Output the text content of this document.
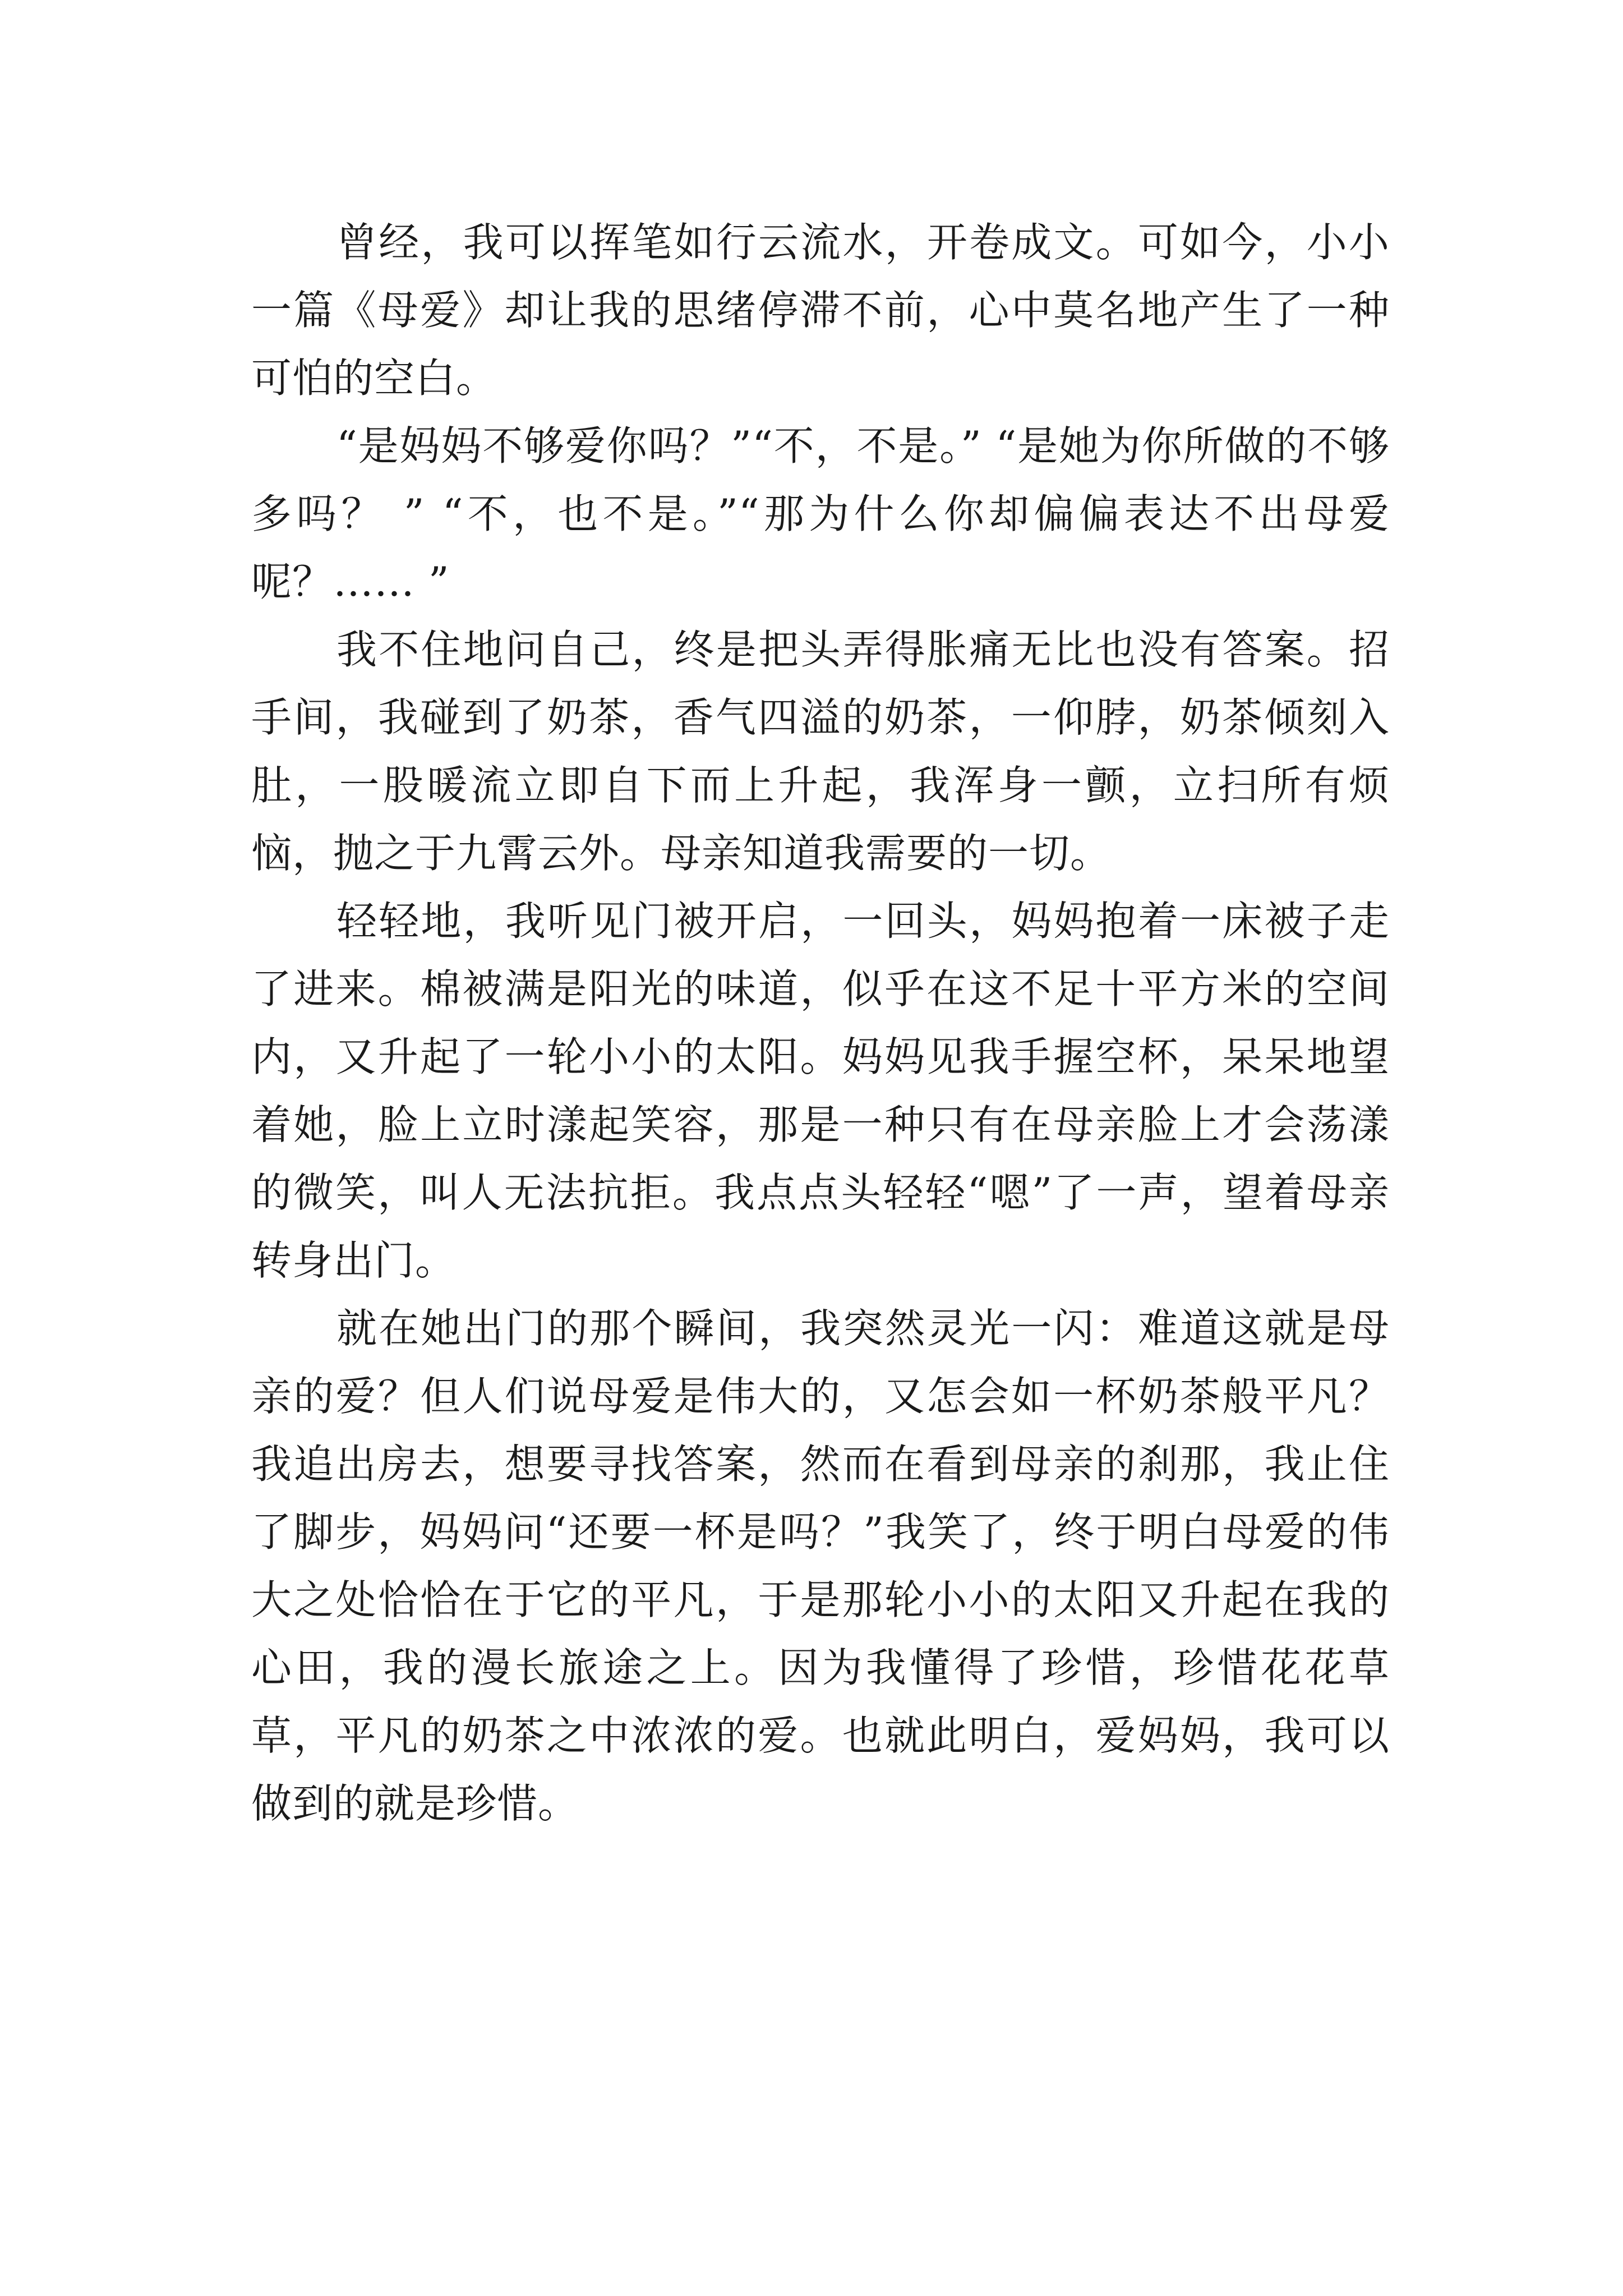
曾经，我可以挥笔如行云流水，开卷成文。可如今，小小一篇《母爱》却让我的思绪停滞不前，心中莫名地产生了一种可怕的空白。

“是妈妈不够爱你吗？”“不，不是。” “是她为你所做的不够多吗？ ” “不，也不是。”“那为什么你却偏偏表达不出母爱呢？…… ”

我不住地问自己，终是把头弄得胀痛无比也没有答案。招手间，我碰到了奶茶，香气四溢的奶茶，一仰脖，奶茶倾刻入肚，一股暖流立即自下而上升起，我浑身一颤，立扫所有烦恼，抛之于九霄云外。母亲知道我需要的一切。

轻轻地，我听见门被开启，一回头，妈妈抱着一床被子走了进来。棉被满是阳光的味道，似乎在这不足十平方米的空间内，又升起了一轮小小的太阳。妈妈见我手握空杯，呆呆地望着她，脸上立时漾起笑容，那是一种只有在母亲脸上才会荡漾的微笑，叫人无法抗拒。我点点头轻轻“嗯”了一声，望着母亲转身出门。

就在她出门的那个瞬间，我突然灵光一闪：难道这就是母亲的爱？但人们说母爱是伟大的，又怎会如一杯奶茶般平凡？我追出房去，想要寻找答案，然而在看到母亲的刹那，我止住了脚步，妈妈问“还要一杯是吗？”我笑了，终于明白母爱的伟大之处恰恰在于它的平凡，于是那轮小小的太阳又升起在我的心田，我的漫长旅途之上。因为我懂得了珍惜，珍惜花花草草，平凡的奶茶之中浓浓的爱。也就此明白，爱妈妈，我可以做到的就是珍惜。
